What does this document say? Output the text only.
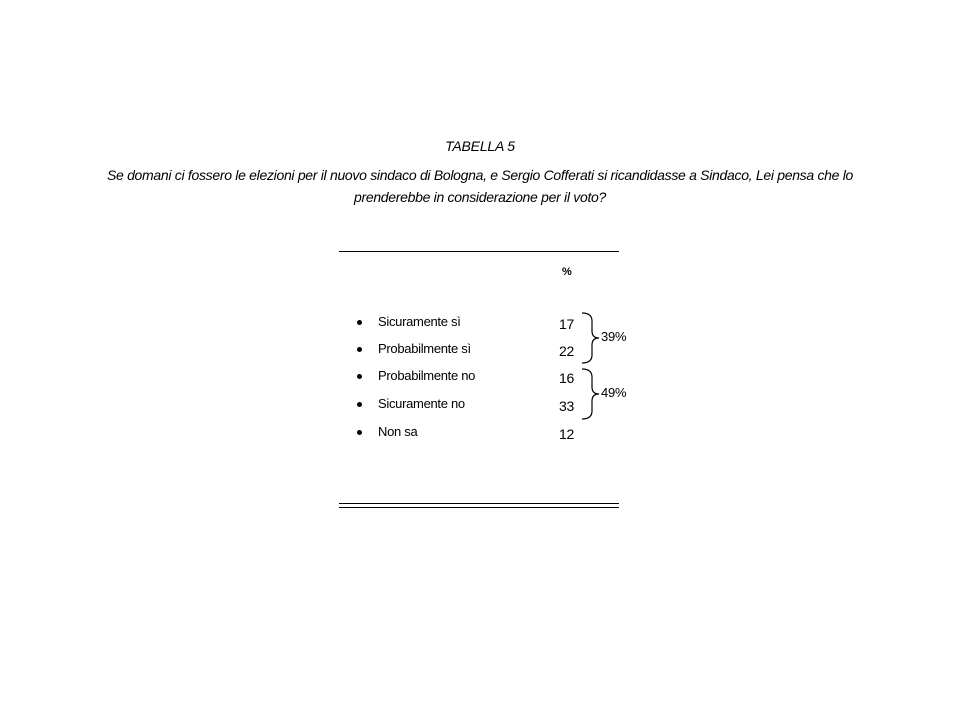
TABELLA 5
Se domani ci fossero le elezioni per il nuovo sindaco di Bologna, e Sergio Cofferati si ricandidasse a Sindaco, Lei pensa che lo prenderebbe in considerazione per il voto?
%
Sicuramente sì	17
Probabilmente sì	22
Probabilmente no	16
Sicuramente no	33
Non sa	12
39%
49%
